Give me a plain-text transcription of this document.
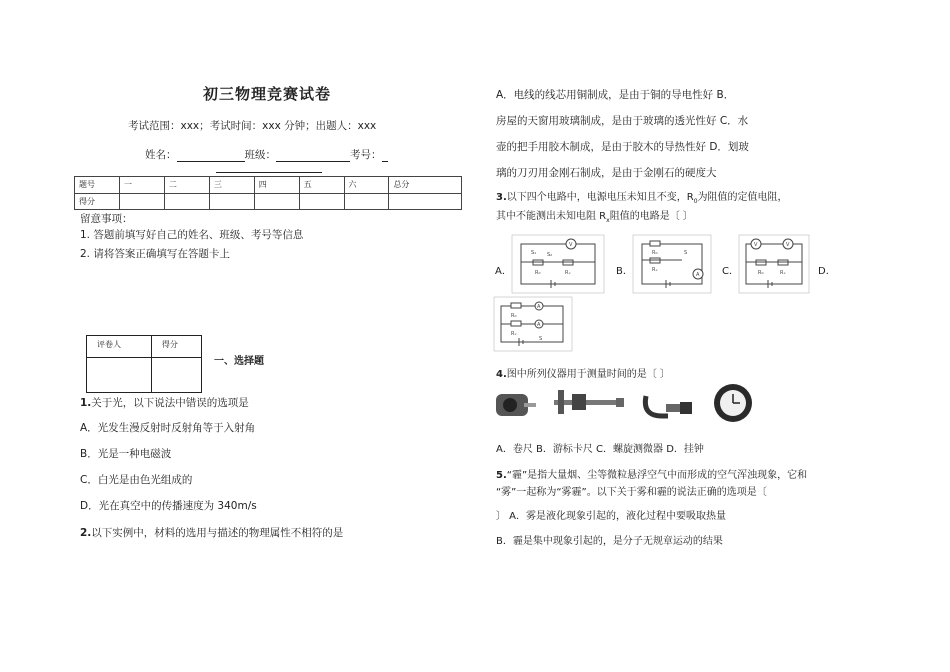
初三物理竞赛试卷
考试范围：xxx；考试时间：xxx 分钟；出题人：xxx
姓名：	班级：	考号：
题号	一	二	三	四	五	六	总分
得分							
留意事项：
1. 答题前填写好自己的姓名、班级、考号等信息
2. 请将答案正确填写在答题卡上
评卷人	得分

一、选择题
1.关于光，以下说法中错误的选项是
A．光发生漫反射时反射角等于入射角
B．光是一种电磁波
C．白光是由色光组成的
D．光在真空中的传播速度为 340m/s
2.以下实例中，材料的选用与描述的物理属性不相符的是
A．电线的线芯用铜制成，是由于铜的导电性好 B．
房屋的天窗用玻璃制成，是由于玻璃的透光性好 C．水
壶的把手用胶木制成，是由于胶木的导热性好 D．划玻
璃的刀刃用金刚石制成，是由于金刚石的硬度大
3.以下四个电路中，电源电压未知且不变，$R_0$为阻值的定值电阻，
其中不能测出未知电阻 $R_x$阻值的电路是〔 〕
A．	B．	C．	D．
V
S₁ S₂
R₀	Rₓ	A
R₀
Rₓ
S
V	V
R₀	Rₓ
A
A
R₀
Rₓ
S
4.图中所列仪器用于测量时间的是〔 〕
A．卷尺 B．游标卡尺 C．螺旋测微器 D．挂钟
5.“霾”是指大量烟、尘等微粒悬浮空气中而形成的空气浑浊现象，它和
“雾”一起称为“雾霾”。以下关于雾和霾的说法正确的选项是〔
〕 A．雾是液化现象引起的，液化过程中要吸取热量
B．霾是集中现象引起的，是分子无规章运动的结果
